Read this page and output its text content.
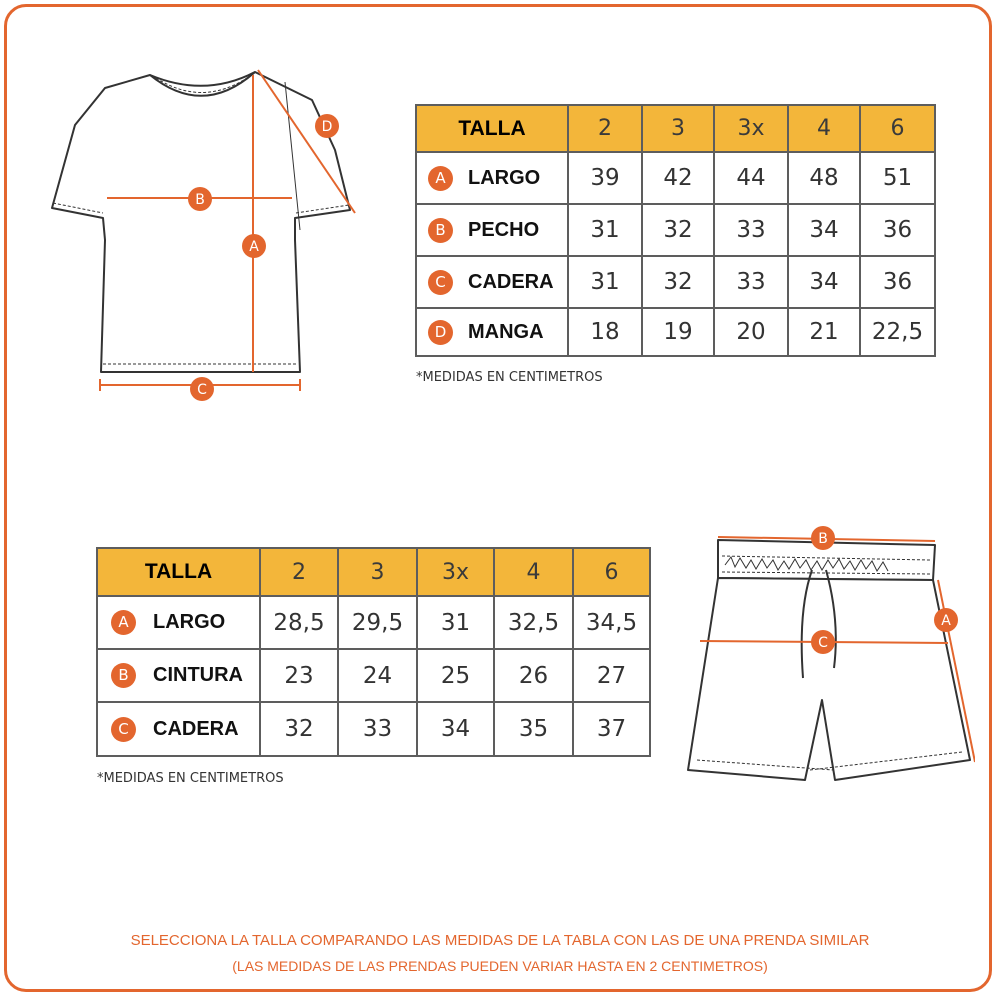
A
B
C
D	TALLA		2	3	3x	4	6
A	LARGO	39	42	44	48	51
B	PECHO	31	32	33	34	36
C	CADERA	31	32	33	34	36
D	MANGA	18	19	20	21	22,5
*MEDIDAS EN CENTIMETROS
TALLA		2	3	3x	4	6
A	LARGO	28,5	29,5	31	32,5	34,5
B	CINTURA	23	24	25	26	27
C	CADERA	32	33	34	35	37
*MEDIDAS EN CENTIMETROS
B
C
A
SELECCIONA LA TALLA COMPARANDO LAS MEDIDAS DE LA TABLA CON LAS DE UNA PRENDA SIMILAR
(LAS MEDIDAS DE LAS PRENDAS PUEDEN VARIAR HASTA EN 2 CENTIMETROS)
